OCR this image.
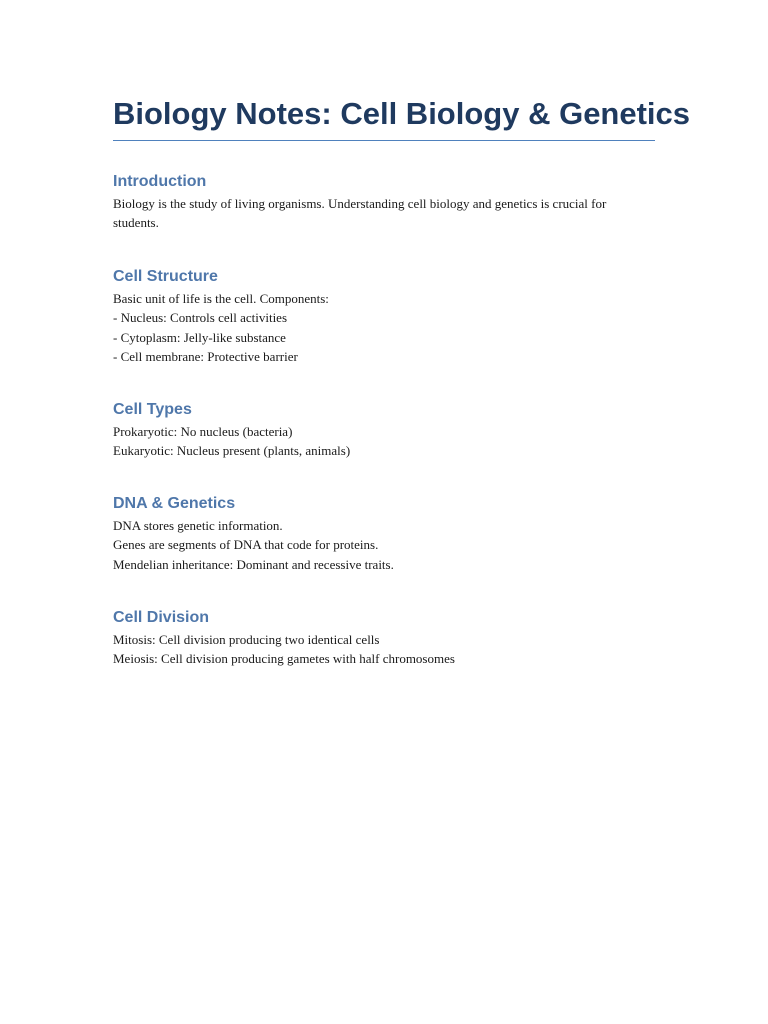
Biology Notes: Cell Biology & Genetics
Introduction
Biology is the study of living organisms. Understanding cell biology and genetics is crucial for students.
Cell Structure
Basic unit of life is the cell. Components:
- Nucleus: Controls cell activities
- Cytoplasm: Jelly-like substance
- Cell membrane: Protective barrier
Cell Types
Prokaryotic: No nucleus (bacteria)
Eukaryotic: Nucleus present (plants, animals)
DNA & Genetics
DNA stores genetic information.
Genes are segments of DNA that code for proteins.
Mendelian inheritance: Dominant and recessive traits.
Cell Division
Mitosis: Cell division producing two identical cells
Meiosis: Cell division producing gametes with half chromosomes
